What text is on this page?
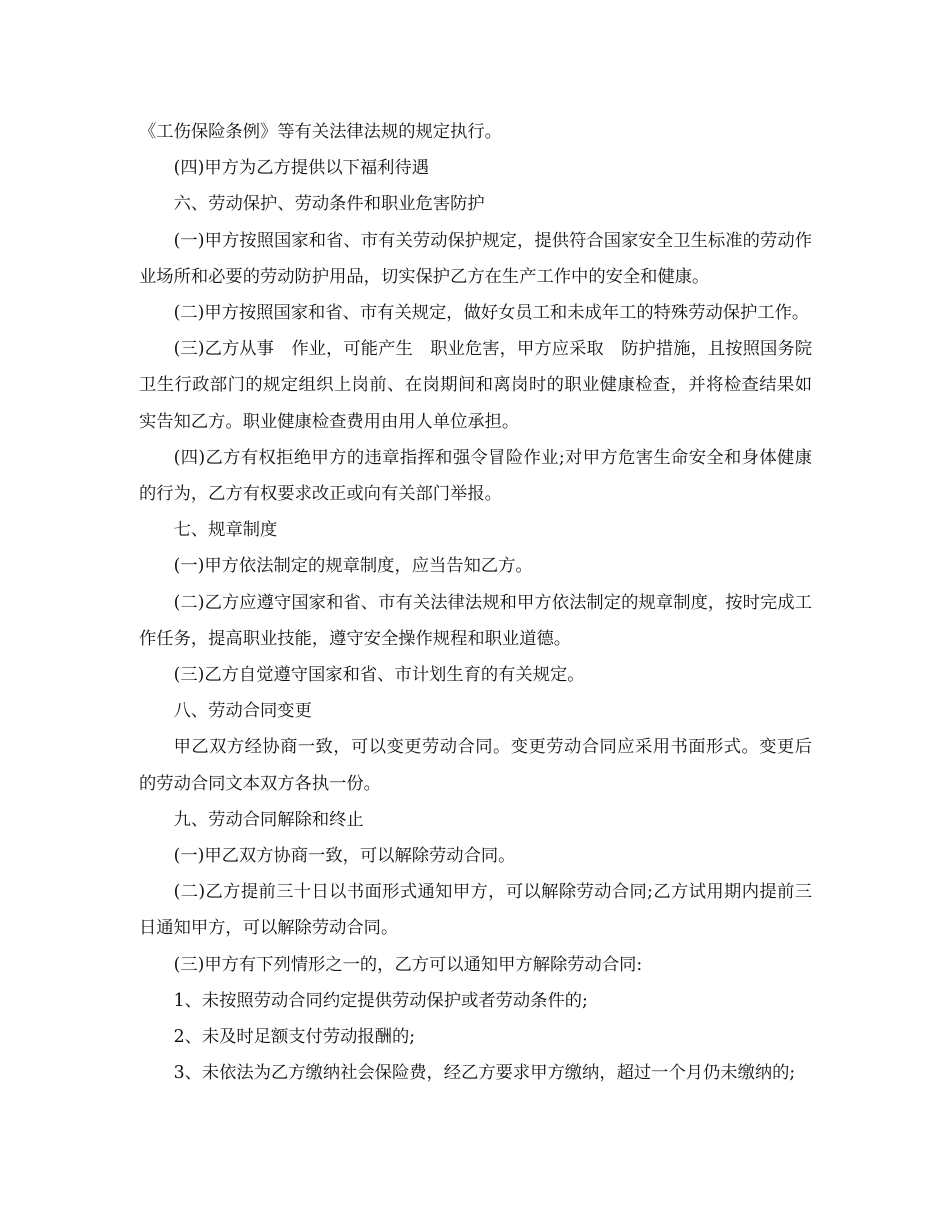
《工伤保险条例》等有关法律法规的规定执行。

(四)甲方为乙方提供以下福利待遇

六、劳动保护、劳动条件和职业危害防护

(一)甲方按照国家和省、市有关劳动保护规定，提供符合国家安全卫生标准的劳动作业场所和必要的劳动防护用品，切实保护乙方在生产工作中的安全和健康。

(二)甲方按照国家和省、市有关规定，做好女员工和未成年工的特殊劳动保护工作。

(三)乙方从事　作业，可能产生　职业危害，甲方应采取　防护措施，且按照国务院卫生行政部门的规定组织上岗前、在岗期间和离岗时的职业健康检查，并将检查结果如实告知乙方。职业健康检查费用由用人单位承担。

(四)乙方有权拒绝甲方的违章指挥和强令冒险作业;对甲方危害生命安全和身体健康的行为，乙方有权要求改正或向有关部门举报。

七、规章制度

(一)甲方依法制定的规章制度，应当告知乙方。

(二)乙方应遵守国家和省、市有关法律法规和甲方依法制定的规章制度，按时完成工作任务，提高职业技能，遵守安全操作规程和职业道德。

(三)乙方自觉遵守国家和省、市计划生育的有关规定。

八、劳动合同变更

甲乙双方经协商一致，可以变更劳动合同。变更劳动合同应采用书面形式。变更后的劳动合同文本双方各执一份。

九、劳动合同解除和终止

(一)甲乙双方协商一致，可以解除劳动合同。

(二)乙方提前三十日以书面形式通知甲方，可以解除劳动合同;乙方试用期内提前三日通知甲方，可以解除劳动合同。

(三)甲方有下列情形之一的，乙方可以通知甲方解除劳动合同:

1、未按照劳动合同约定提供劳动保护或者劳动条件的;

2、未及时足额支付劳动报酬的;

3、未依法为乙方缴纳社会保险费，经乙方要求甲方缴纳，超过一个月仍未缴纳的;
